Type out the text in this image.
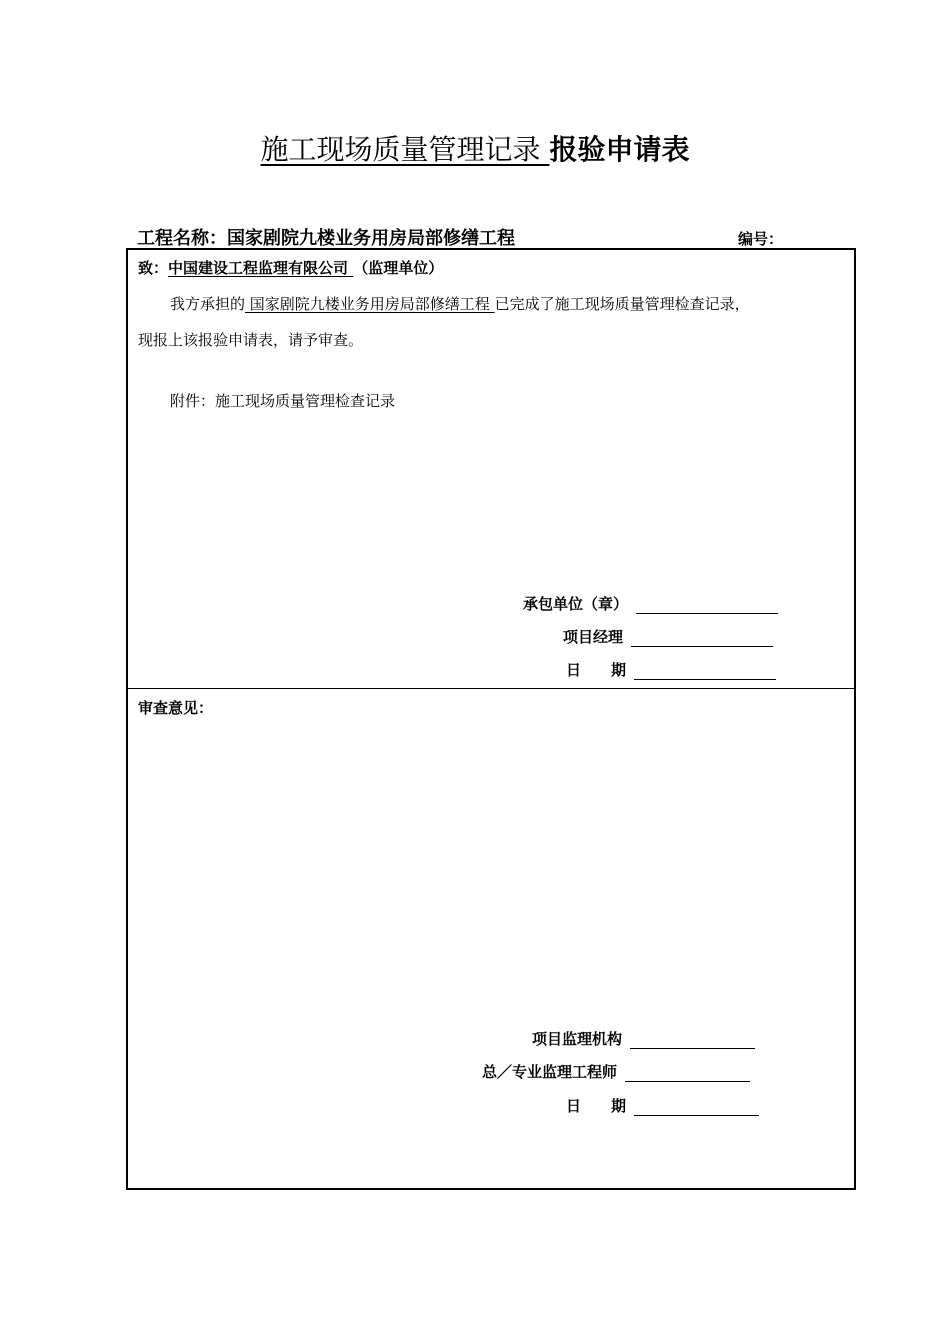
施工现场质量管理记录 报验申请表
工程名称：国家剧院九楼业务用房局部修缮工程	编号：
致：中国建设工程监理有限公司 （监理单位）
我方承担的 国家剧院九楼业务用房局部修缮工程 已完成了施工现场质量管理检查记录，
现报上该报验申请表，请予审查。
附件：施工现场质量管理检查记录
承包单位（章）
项目经理
日　　期
审查意见：
项目监理机构
总／专业监理工程师
日　　期
